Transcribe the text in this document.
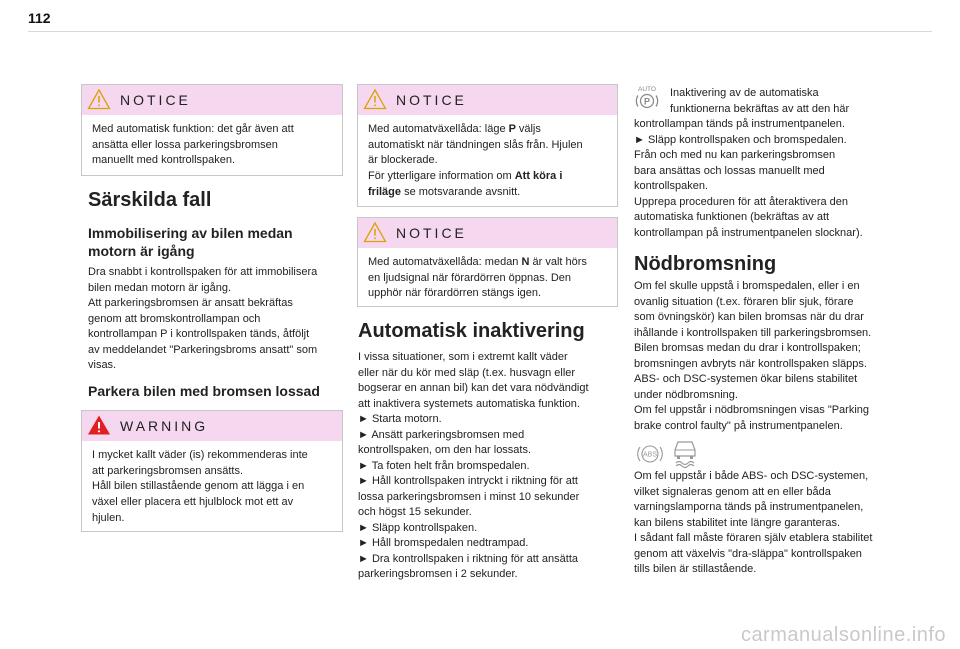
112
NOTICE
Med automatisk funktion: det går även att
ansätta eller lossa parkeringsbromsen
manuellt med kontrollspaken.
Särskilda fall
Immobilisering av bilen medan
motorn är igång

Dra snabbt i kontrollspaken för att immobilisera

bilen medan motorn är igång.

Att parkeringsbromsen är ansatt bekräftas

genom att bromskontrollampan och

kontrollampan P i kontrollspaken tänds, åtföljt

av meddelandet "Parkeringsbroms ansatt" som

visas.

Parkera bilen med bromsen lossad
WARNING
I mycket kallt väder (is) rekommenderas inte
att parkeringsbromsen ansätts.
Håll bilen stillastående genom att lägga i en
växel eller placera ett hjulblock mot ett av
hjulen.
NOTICE
Med automatväxellåda: läge P väljs
automatiskt när tändningen slås från. Hjulen
är blockerade.
För ytterligare information om Att köra i
friläge se motsvarande avsnitt.
NOTICE
Med automatväxellåda: medan N är valt hörs
en ljudsignal när förardörren öppnas. Den
upphör när förardörren stängs igen.
Automatisk inaktivering

I vissa situationer, som i extremt kallt väder

eller när du kör med släp (t.ex. husvagn eller

bogserar en annan bil) kan det vara nödvändigt

att inaktivera systemets automatiska funktion.

► Starta motorn.

► Ansätt parkeringsbromsen med

kontrollspaken, om den har lossats.

► Ta foten helt från bromspedalen.

► Håll kontrollspaken intryckt i riktning för att

lossa parkeringsbromsen i minst 10 sekunder

och högst 15 sekunder.

► Släpp kontrollspaken.

► Håll bromspedalen nedtrampad.

► Dra kontrollspaken i riktning för att ansätta

parkeringsbromsen i 2 sekunder.

AUTO
P

Inaktivering av de automatiska

funktionerna bekräftas av att den här

kontrollampan tänds på instrumentpanelen.

► Släpp kontrollspaken och bromspedalen.

Från och med nu kan parkeringsbromsen

bara ansättas och lossas manuellt med

kontrollspaken.

Upprepa proceduren för att återaktivera den

automatiska funktionen (bekräftas av att

kontrollampan på instrumentpanelen slocknar).

Nödbromsning

Om fel skulle uppstå i bromspedalen, eller i en

ovanlig situation (t.ex. föraren blir sjuk, förare

som övningskör) kan bilen bromsas när du drar

ihållande i kontrollspaken till parkeringsbromsen.

Bilen bromsas medan du drar i kontrollspaken;

bromsningen avbryts när kontrollspaken släpps.

ABS- och DSC-systemen ökar bilens stabilitet

under nödbromsning.

Om fel uppstår i nödbromsningen visas "Parking

brake control faulty" på instrumentpanelen.

ABS

Om fel uppstår i både ABS- och DSC-systemen,

vilket signaleras genom att en eller båda

varningslamporna tänds på instrumentpanelen,

kan bilens stabilitet inte längre garanteras.

I sådant fall måste föraren själv etablera stabilitet

genom att växelvis "dra-släppa" kontrollspaken

tills bilen är stillastående.

carmanualsonline.info
